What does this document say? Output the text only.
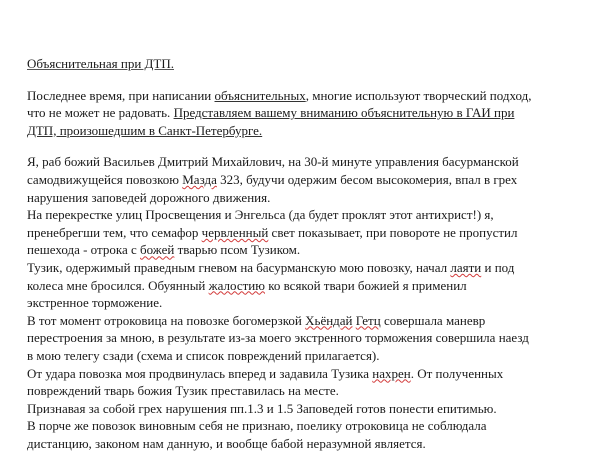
Объяснительная при ДТП.
Последнее время, при написании объяснительных, многие используют творческий подход,
что не может не радовать. Представляем вашему вниманию объяснительную в ГАИ при
ДТП, произошедшим в Санкт-Петербурге.
Я, раб божий Васильев Дмитрий Михайлович, на 30-й минуте управления басурманской
самодвижущейся повозкою Мазда 323, будучи одержим бесом высокомерия, впал в грех
нарушения заповедей дорожного движения.
На перекрестке улиц Просвещения и Энгельса (да будет проклят этот антихрист!) я,
пренебрегши тем, что семафор червленный свет показывает, при повороте не пропустил
пешехода - отрока с божей тварью псом Тузиком.
Тузик, одержимый праведным гневом на басурманскую мою повозку, начал лаяти и под
колеса мне бросился. Обуянный жалостию ко всякой твари божией я применил
экстренное торможение.
В тот момент отроковица на повозке богомерзкой Хьёндай Гетц совершала маневр
перестроения за мною, в результате из-за моего экстренного торможения совершила наезд
в мою телегу сзади (схема и список повреждений прилагается).
От удара повозка моя продвинулась вперед и задавила Тузика нахрен. От полученных
повреждений тварь божия Тузик преставилась на месте.
Признавая за собой грех нарушения пп.1.3 и 1.5 Заповедей готов понести епитимью.
В порче же повозок виновным себя не признаю, поелику отроковица не соблюдала
дистанцию, законом нам данную, и вообще бабой неразумной является.
